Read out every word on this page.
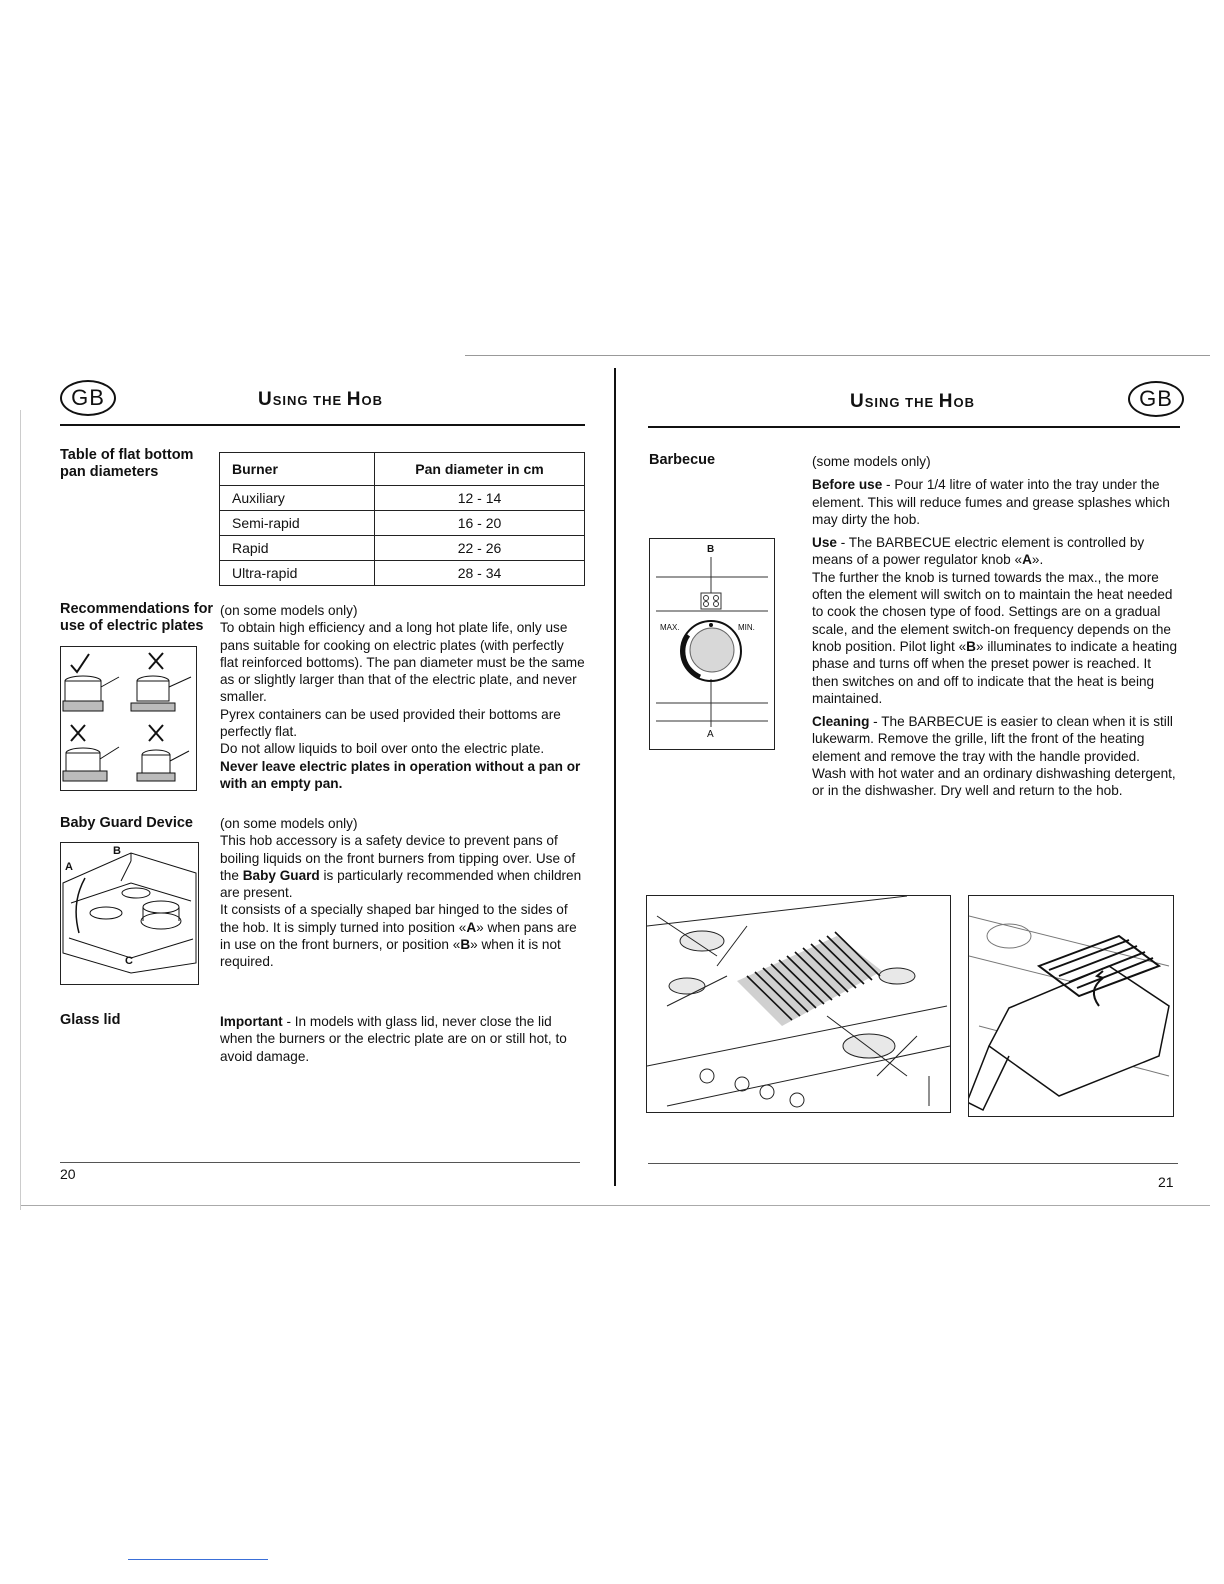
GB	USING THE HOB
Table of flat bottom pan diameters	Burner	Pan diameter in cm
Auxiliary	12 - 14
Semi-rapid	16 - 20
Rapid	22 - 26
Ultra-rapid	28 - 34
Recommendations for use of electric plates

(on some models only)

To obtain high efficiency and a long hot plate life, only use pans suitable for cooking on electric plates (with perfectly flat reinforced bottoms). The pan diameter must be the same as or slightly larger than that of the electric plate, and never smaller.

Pyrex containers can be used provided their bottoms are perfectly flat.

Do not allow liquids to boil over onto the electric plate.

Never leave electric plates in operation without a pan or with an empty pan.

Baby Guard Device	(on some models only)

This hob accessory is a safety device to prevent pans of boiling liquids on the front burners from tipping over. Use of the Baby Guard is particularly recommended when children are present.

It consists of a specially shaped bar hinged to the sides of the hob. It is simply turned into position «A» when pans are in use on the front burners, or position «B» when it is not required.

A
B
C
Glass lid	Important - In models with glass lid, never close the lid when the burners or the electric plate are on or still hot, to avoid damage.

20
USING THE HOB	GB
Barbecue	(some models only)

Before use - Pour 1/4 litre of water into the tray under the element. This will reduce fumes and grease splashes which may dirty the hob.

Use - The BARBECUE electric element is controlled by means of a power regulator knob «A».

The further the knob is turned towards the max., the more often the element will switch on to maintain the heat needed to cook the chosen type of food. Settings are on a gradual scale, and the element switch-on frequency depends on the knob position. Pilot light «B» illuminates to indicate a heating phase and turns off when the preset power is reached. It then switches on and off to indicate that the heat is being maintained.

Cleaning - The BARBECUE is easier to clean when it is still lukewarm. Remove the grille, lift the front of the heating element and remove the tray with the handle provided.

Wash with hot water and an ordinary dishwashing detergent, or in the dishwasher. Dry well and return to the hob.

B
A
MAX.	MIN.
21
